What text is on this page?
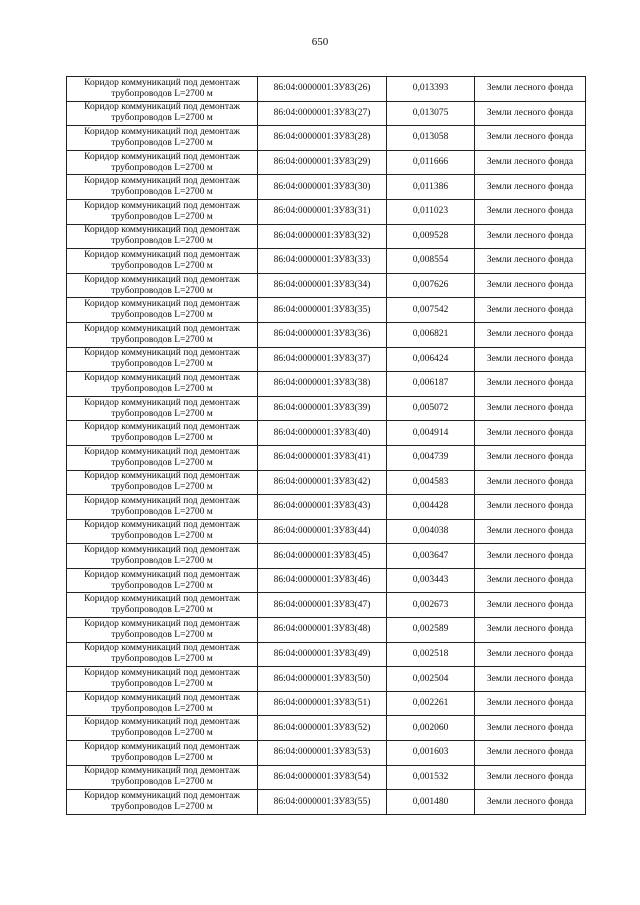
650
Коридор коммуникаций под демонтаж
трубопроводов L=2700 м	86:04:0000001:ЗУ83(26)	0,013393	Земли лесного фонда

Коридор коммуникаций под демонтаж
трубопроводов L=2700 м	86:04:0000001:ЗУ83(27)	0,013075	Земли лесного фонда

Коридор коммуникаций под демонтаж
трубопроводов L=2700 м	86:04:0000001:ЗУ83(28)	0,013058	Земли лесного фонда

Коридор коммуникаций под демонтаж
трубопроводов L=2700 м	86:04:0000001:ЗУ83(29)	0,011666	Земли лесного фонда

Коридор коммуникаций под демонтаж
трубопроводов L=2700 м	86:04:0000001:ЗУ83(30)	0,011386	Земли лесного фонда

Коридор коммуникаций под демонтаж
трубопроводов L=2700 м	86:04:0000001:ЗУ83(31)	0,011023	Земли лесного фонда

Коридор коммуникаций под демонтаж
трубопроводов L=2700 м	86:04:0000001:ЗУ83(32)	0,009528	Земли лесного фонда

Коридор коммуникаций под демонтаж
трубопроводов L=2700 м	86:04:0000001:ЗУ83(33)	0,008554	Земли лесного фонда

Коридор коммуникаций под демонтаж
трубопроводов L=2700 м	86:04:0000001:ЗУ83(34)	0,007626	Земли лесного фонда

Коридор коммуникаций под демонтаж
трубопроводов L=2700 м	86:04:0000001:ЗУ83(35)	0,007542	Земли лесного фонда

Коридор коммуникаций под демонтаж
трубопроводов L=2700 м	86:04:0000001:ЗУ83(36)	0,006821	Земли лесного фонда

Коридор коммуникаций под демонтаж
трубопроводов L=2700 м	86:04:0000001:ЗУ83(37)	0,006424	Земли лесного фонда

Коридор коммуникаций под демонтаж
трубопроводов L=2700 м	86:04:0000001:ЗУ83(38)	0,006187	Земли лесного фонда

Коридор коммуникаций под демонтаж
трубопроводов L=2700 м	86:04:0000001:ЗУ83(39)	0,005072	Земли лесного фонда

Коридор коммуникаций под демонтаж
трубопроводов L=2700 м	86:04:0000001:ЗУ83(40)	0,004914	Земли лесного фонда

Коридор коммуникаций под демонтаж
трубопроводов L=2700 м	86:04:0000001:ЗУ83(41)	0,004739	Земли лесного фонда

Коридор коммуникаций под демонтаж
трубопроводов L=2700 м	86:04:0000001:ЗУ83(42)	0,004583	Земли лесного фонда

Коридор коммуникаций под демонтаж
трубопроводов L=2700 м	86:04:0000001:ЗУ83(43)	0,004428	Земли лесного фонда

Коридор коммуникаций под демонтаж
трубопроводов L=2700 м	86:04:0000001:ЗУ83(44)	0,004038	Земли лесного фонда

Коридор коммуникаций под демонтаж
трубопроводов L=2700 м	86:04:0000001:ЗУ83(45)	0,003647	Земли лесного фонда

Коридор коммуникаций под демонтаж
трубопроводов L=2700 м	86:04:0000001:ЗУ83(46)	0,003443	Земли лесного фонда

Коридор коммуникаций под демонтаж
трубопроводов L=2700 м	86:04:0000001:ЗУ83(47)	0,002673	Земли лесного фонда

Коридор коммуникаций под демонтаж
трубопроводов L=2700 м	86:04:0000001:ЗУ83(48)	0,002589	Земли лесного фонда

Коридор коммуникаций под демонтаж
трубопроводов L=2700 м	86:04:0000001:ЗУ83(49)	0,002518	Земли лесного фонда

Коридор коммуникаций под демонтаж
трубопроводов L=2700 м	86:04:0000001:ЗУ83(50)	0,002504	Земли лесного фонда

Коридор коммуникаций под демонтаж
трубопроводов L=2700 м	86:04:0000001:ЗУ83(51)	0,002261	Земли лесного фонда

Коридор коммуникаций под демонтаж
трубопроводов L=2700 м	86:04:0000001:ЗУ83(52)	0,002060	Земли лесного фонда

Коридор коммуникаций под демонтаж
трубопроводов L=2700 м	86:04:0000001:ЗУ83(53)	0,001603	Земли лесного фонда

Коридор коммуникаций под демонтаж
трубопроводов L=2700 м	86:04:0000001:ЗУ83(54)	0,001532	Земли лесного фонда

Коридор коммуникаций под демонтаж
трубопроводов L=2700 м	86:04:0000001:ЗУ83(55)	0,001480	Земли лесного фонда
